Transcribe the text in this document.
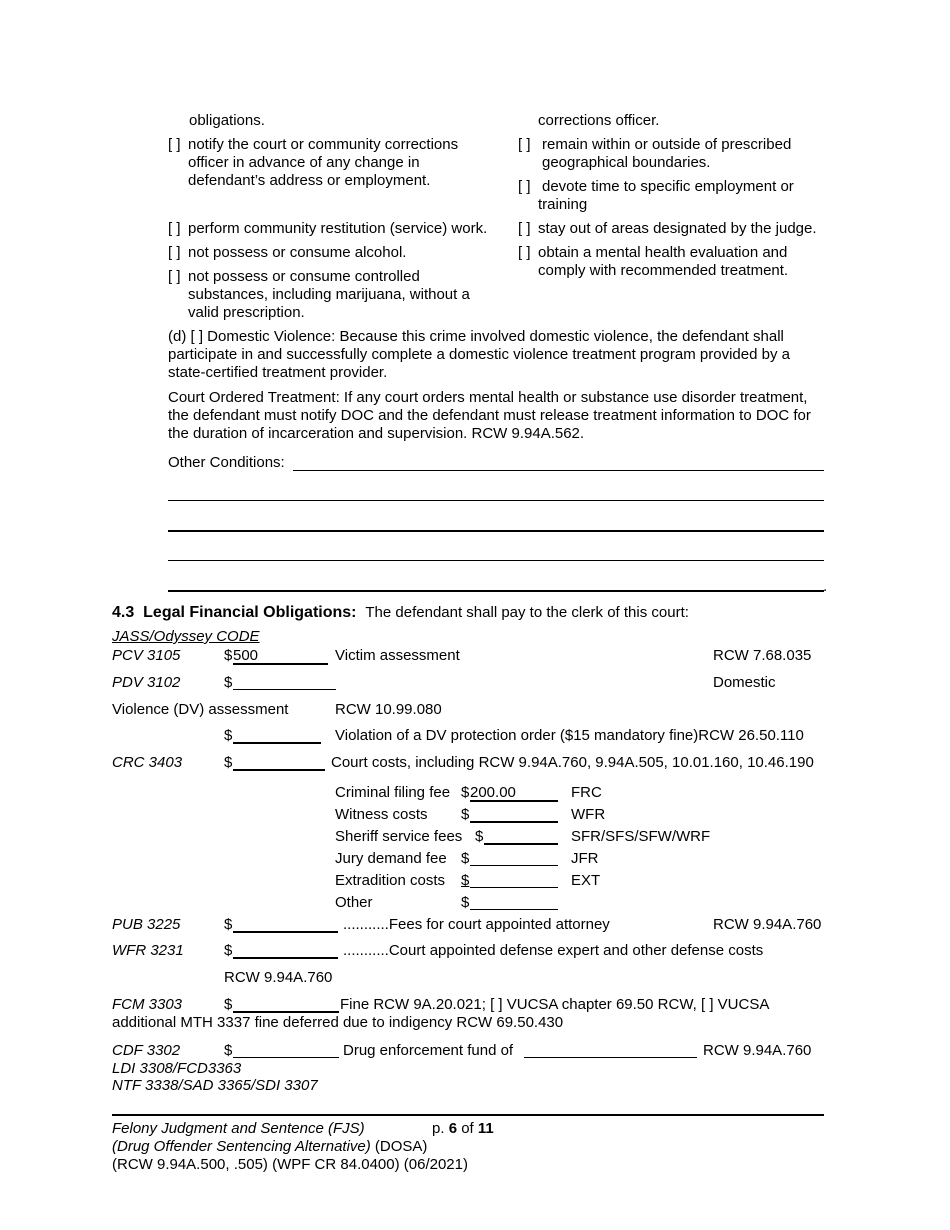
obligations.	corrections officer.
[ ] notify the court or community corrections
officer in advance of any change in
defendant’s address or employment.
[ ] perform community restitution (service) work.
[ ] not possess or consume alcohol.
[ ] not possess or consume controlled
substances, including marijuana, without a
valid prescription.
[ ] remain within or outside of prescribed
geographical boundaries.
[ ] devote time to specific employment or
training
[ ] stay out of areas designated by the judge.
[ ] obtain a mental health evaluation and
comply with recommended treatment.
(d) [ ] Domestic Violence: Because this crime involved domestic violence, the defendant shall
participate in and successfully complete a domestic violence treatment program provided by a
state-certified treatment provider.
Court Ordered Treatment: If any court orders mental health or substance use disorder treatment,
the defendant must notify DOC and the defendant must release treatment information to DOC for
the duration of incarceration and supervision. RCW 9.94A.562.
Other Conditions:
.
4.3 Legal Financial Obligations: The defendant shall pay to the clerk of this court:
JASS/Odyssey CODE
PCV 3105	$ 500	Victim assessment	RCW 7.68.035
PDV 3102	$	Domestic
Violence (DV) assessment	RCW 10.99.080
$	Violation of a DV protection order ($15 mandatory fine)RCW 26.50.110
CRC 3403	$	Court costs, including RCW 9.94A.760, 9.94A.505, 10.01.160, 10.46.190
Criminal filing fee $ 200.00	FRC
Witness costs $	WFR
Sheriff service fees $	SFR/SFS/SFW/WRF
Jury demand fee $	JFR
Extradition costs $	EXT
Other	$
PUB 3225	$	...........Fees for court appointed attorney	RCW 9.94A.760
WFR 3231	$	...........Court appointed defense expert and other defense costs
RCW 9.94A.760
FCM 3303	$	Fine RCW 9A.20.021; [ ] VUCSA chapter 69.50 RCW, [ ] VUCSA
additional MTH 3337 fine deferred due to indigency RCW 69.50.430
CDF 3302	$	Drug enforcement fund of	RCW 9.94A.760
LDI 3308/FCD3363
NTF 3338/SAD 3365/SDI 3307
Felony Judgment and Sentence (FJS)	p. 6 of 11
(Drug Offender Sentencing Alternative) (DOSA)
(RCW 9.94A.500, .505) (WPF CR 84.0400) (06/2021)
